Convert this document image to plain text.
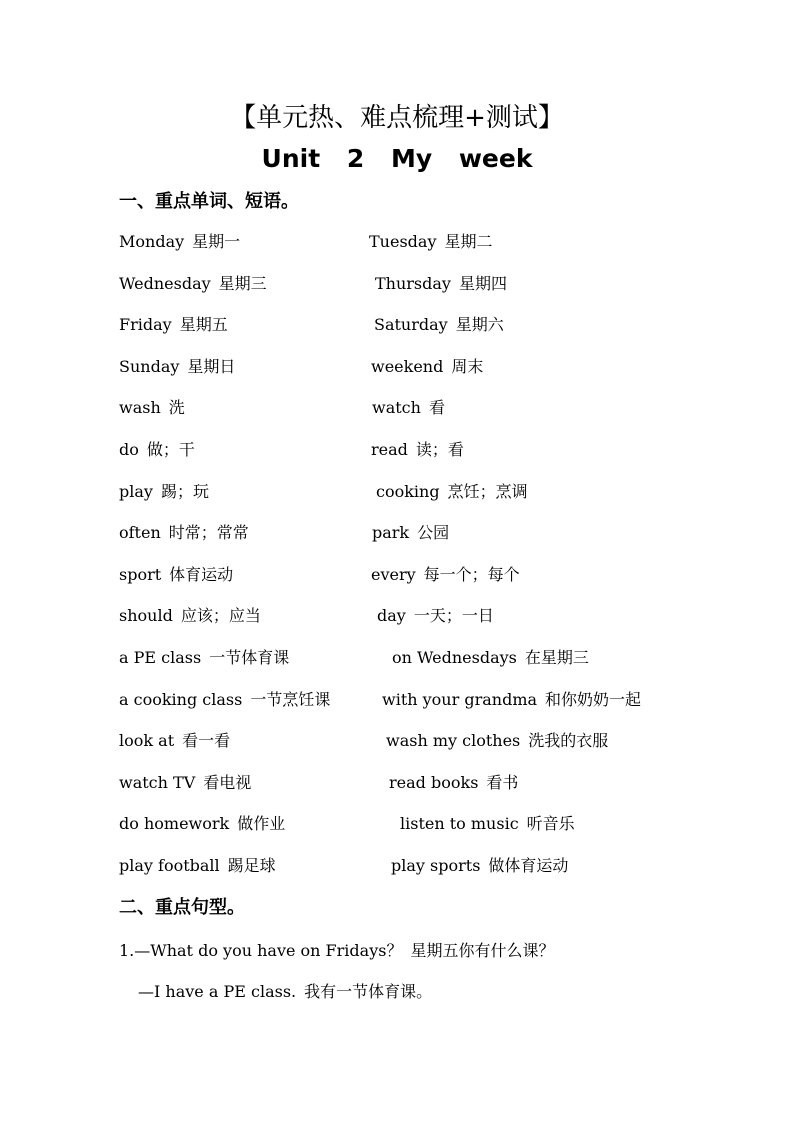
【单元热、难点梳理+测试】
Unit 2 My week
一、重点单词、短语。
Monday 星期一	Tuesday 星期二
Wednesday 星期三	Thursday 星期四
Friday 星期五	Saturday 星期六
Sunday 星期日	weekend 周末
wash 洗	watch 看
do 做；干	read 读；看
play 踢；玩	cooking 烹饪；烹调
often 时常；常常	park 公园
sport 体育运动	every 每一个；每个
should 应该；应当	day 一天；一日
a PE class 一节体育课	on Wednesdays 在星期三
a cooking class 一节烹饪课	with your grandma 和你奶奶一起
look at 看一看	wash my clothes 洗我的衣服
watch TV 看电视	read books 看书
do homework 做作业	listen to music 听音乐
play football 踢足球	play sports 做体育运动
二、重点句型。
1.—What do you have on Fridays？ 星期五你有什么课？
—I have a PE class. 我有一节体育课。
